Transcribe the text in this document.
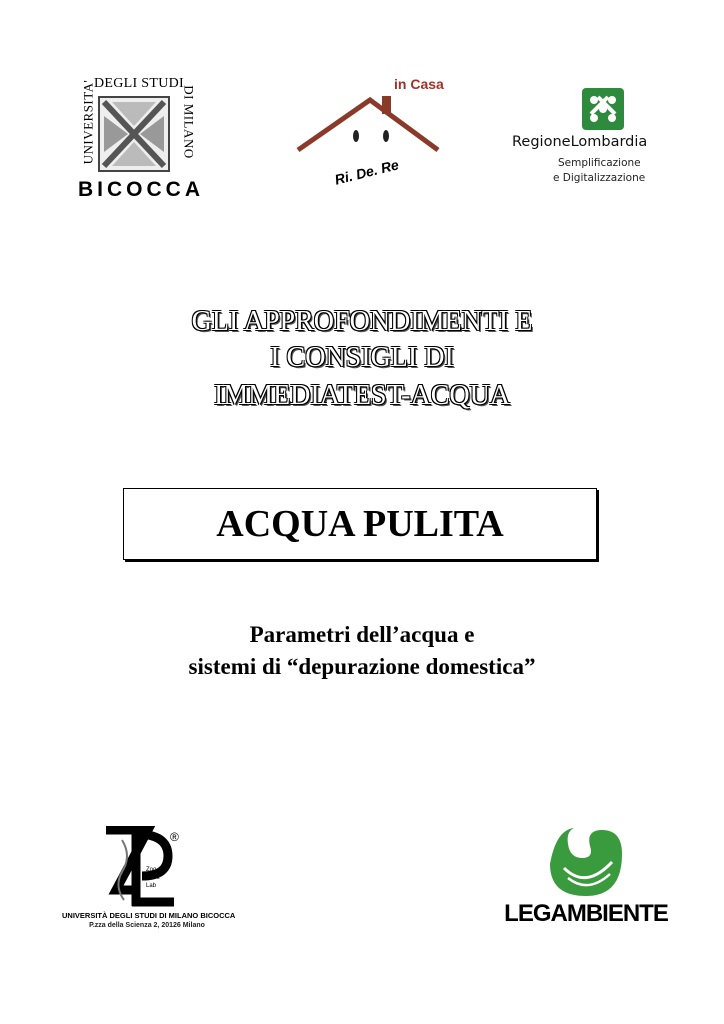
UNIVERSITA'
DEGLI STUDI
DI MILANO
BICOCCA
in Casa
Ri. De. Re
RegioneLombardia
Semplificazione
e Digitalizzazione
GLI APPROFONDIMENTI E
I CONSIGLI DI
IMMEDIATEST-ACQUA
ACQUA PULITA
Parametri dell’acqua e
sistemi di “depurazione domestica”
®
Zoo
Plant
Lab
UNIVERSITÀ DEGLI STUDI DI MILANO BICOCCA
P.zza della Scienza 2, 20126 Milano	LEGAMBIENTE
